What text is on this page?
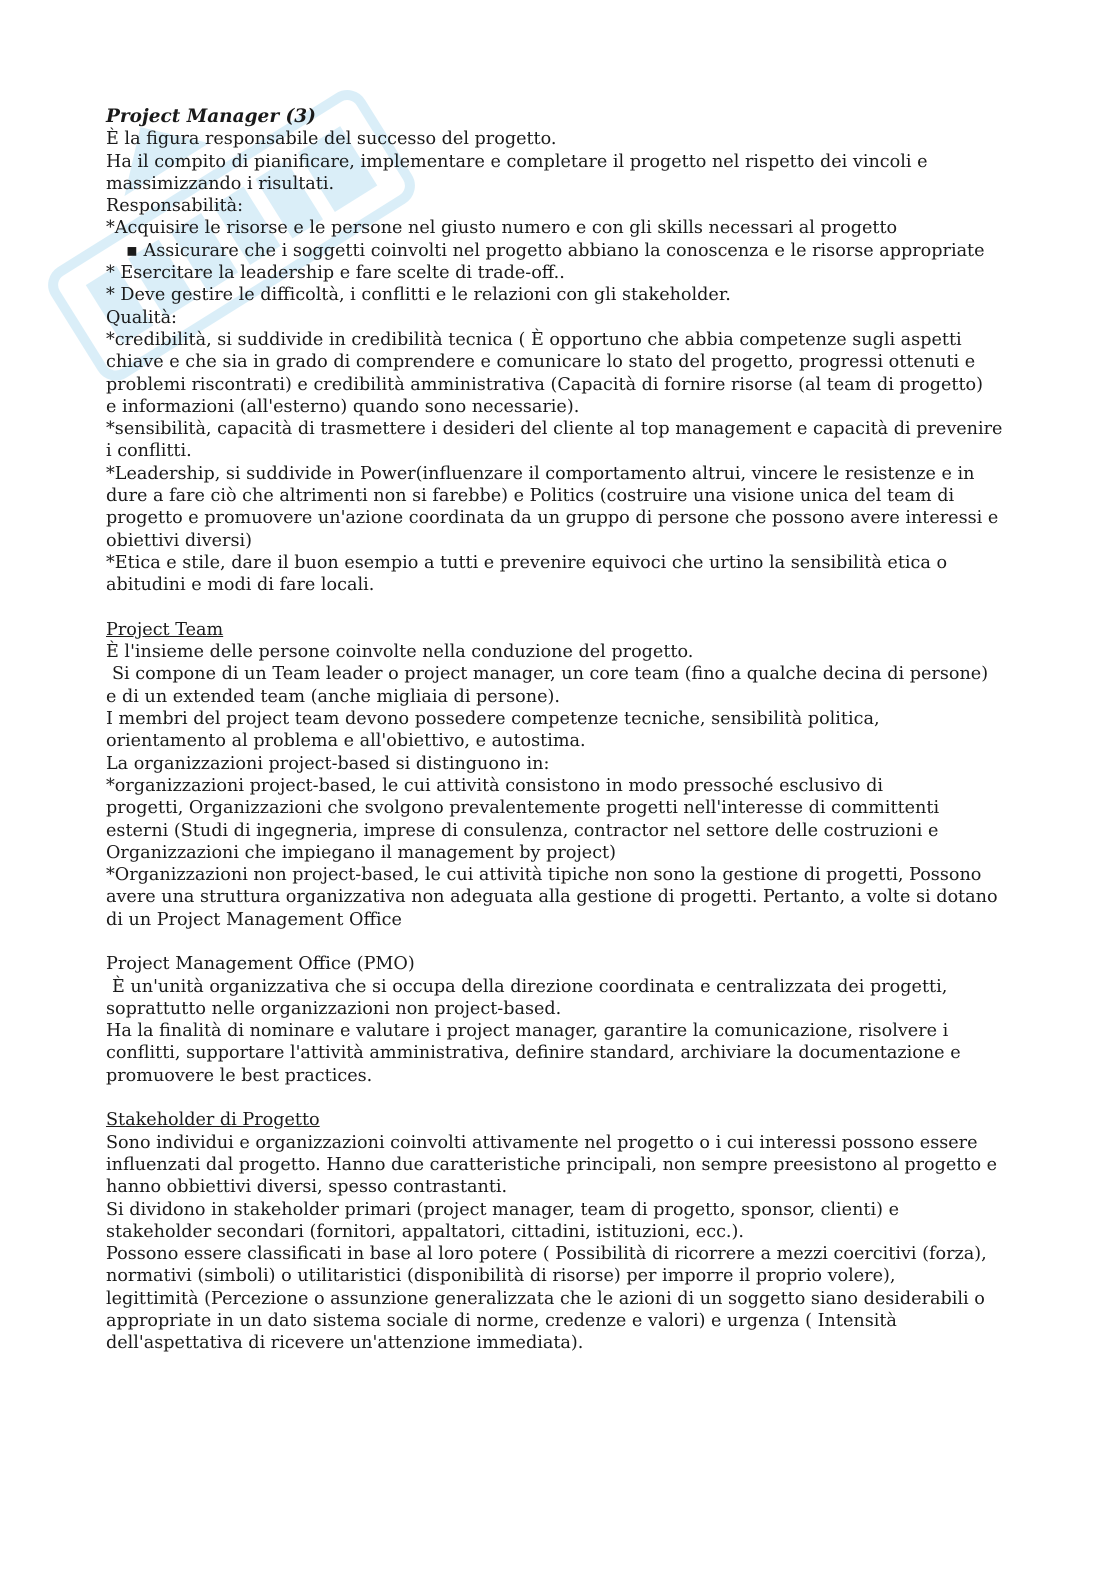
Project Manager (3)

È la figura responsabile del successo del progetto.

Ha il compito di pianificare, implementare e completare il progetto nel rispetto dei vincoli e

massimizzando i risultati.

Responsabilità:

*Acquisire le risorse e le persone nel giusto numero e con gli skills necessari al progetto

▪ Assicurare che i soggetti coinvolti nel progetto abbiano la conoscenza e le risorse appropriate

* Esercitare la leadership e fare scelte di trade-off..

* Deve gestire le difficoltà, i conflitti e le relazioni con gli stakeholder.

Qualità:

*credibilità, si suddivide in credibilità tecnica ( È opportuno che abbia competenze sugli aspetti

chiave e che sia in grado di comprendere e comunicare lo stato del progetto, progressi ottenuti e

problemi riscontrati) e credibilità amministrativa (Capacità di fornire risorse (al team di progetto)

e informazioni (all'esterno) quando sono necessarie).

*sensibilità, capacità di trasmettere i desideri del cliente al top management e capacità di prevenire

i conflitti.

*Leadership, si suddivide in Power(influenzare il comportamento altrui, vincere le resistenze e in

dure a fare ciò che altrimenti non si farebbe) e Politics (costruire una visione unica del team di

progetto e promuovere un'azione coordinata da un gruppo di persone che possono avere interessi e

obiettivi diversi)

*Etica e stile, dare il buon esempio a tutti e prevenire equivoci che urtino la sensibilità etica o

abitudini e modi di fare locali.

Project Team

È l'insieme delle persone coinvolte nella conduzione del progetto.

Si compone di un Team leader o project manager, un core team (fino a qualche decina di persone)

e di un extended team (anche migliaia di persone).

I membri del project team devono possedere competenze tecniche, sensibilità politica,

orientamento al problema e all'obiettivo, e autostima.

La organizzazioni project-based si distinguono in:

*organizzazioni project-based, le cui attività consistono in modo pressoché esclusivo di

progetti, Organizzazioni che svolgono prevalentemente progetti nell'interesse di committenti

esterni (Studi di ingegneria, imprese di consulenza, contractor nel settore delle costruzioni e

Organizzazioni che impiegano il management by project)

*Organizzazioni non project-based, le cui attività tipiche non sono la gestione di progetti, Possono

avere una struttura organizzativa non adeguata alla gestione di progetti. Pertanto, a volte si dotano

di un Project Management Office

Project Management Office (PMO)

È un'unità organizzativa che si occupa della direzione coordinata e centralizzata dei progetti,

soprattutto nelle organizzazioni non project-based.

Ha la finalità di nominare e valutare i project manager, garantire la comunicazione, risolvere i

conflitti, supportare l'attività amministrativa, definire standard, archiviare la documentazione e

promuovere le best practices.

Stakeholder di Progetto

Sono individui e organizzazioni coinvolti attivamente nel progetto o i cui interessi possono essere

influenzati dal progetto. Hanno due caratteristiche principali, non sempre preesistono al progetto e

hanno obbiettivi diversi, spesso contrastanti.

Si dividono in stakeholder primari (project manager, team di progetto, sponsor, clienti) e

stakeholder secondari (fornitori, appaltatori, cittadini, istituzioni, ecc.).

Possono essere classificati in base al loro potere ( Possibilità di ricorrere a mezzi coercitivi (forza),

normativi (simboli) o utilitaristici (disponibilità di risorse) per imporre il proprio volere),

legittimità (Percezione o assunzione generalizzata che le azioni di un soggetto siano desiderabili o

appropriate in un dato sistema sociale di norme, credenze e valori) e urgenza ( Intensità

dell'aspettativa di ricevere un'attenzione immediata).
